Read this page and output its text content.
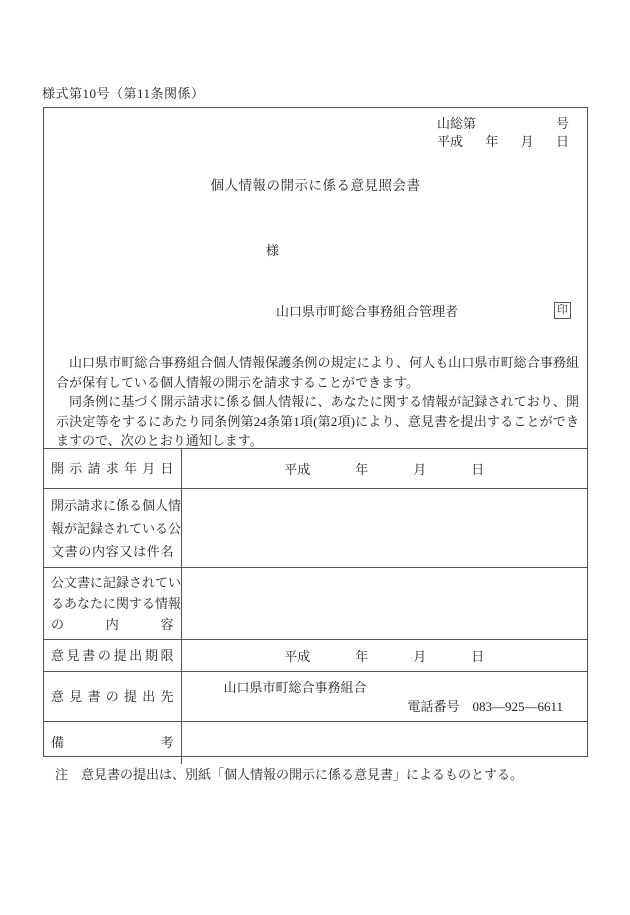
様式第10号（第11条関係）
山総第	号
平成 年 月 日
個人情報の開示に係る意見照会書
様
山口県市町総合事務組合管理者	印

山口県市町総合事務組合個人情報保護条例の規定により、何人も山口県市町総合事務組合が保有している個人情報の開示を請求することができます。

同条例に基づく開示請求に係る個人情報に、あなたに関する情報が記録されており、開示決定等をするにあたり同条例第24条第1項(第2項)により、意見書を提出することができますので、次のとおり通知します。

開示請求年月日	平成 年 月 日

開示請求に係る個人情
報が記録されている公
文書の内容又は件名	

公文書に記録されてい
るあなたに関する情報
の内容	

意見書の提出期限	平成 年 月 日

意見書の提出先	山口県市町総合事務組合
電話番号　083—925—6611

備考	

注　意見書の提出は、別紙「個人情報の開示に係る意見書」によるものとする。
